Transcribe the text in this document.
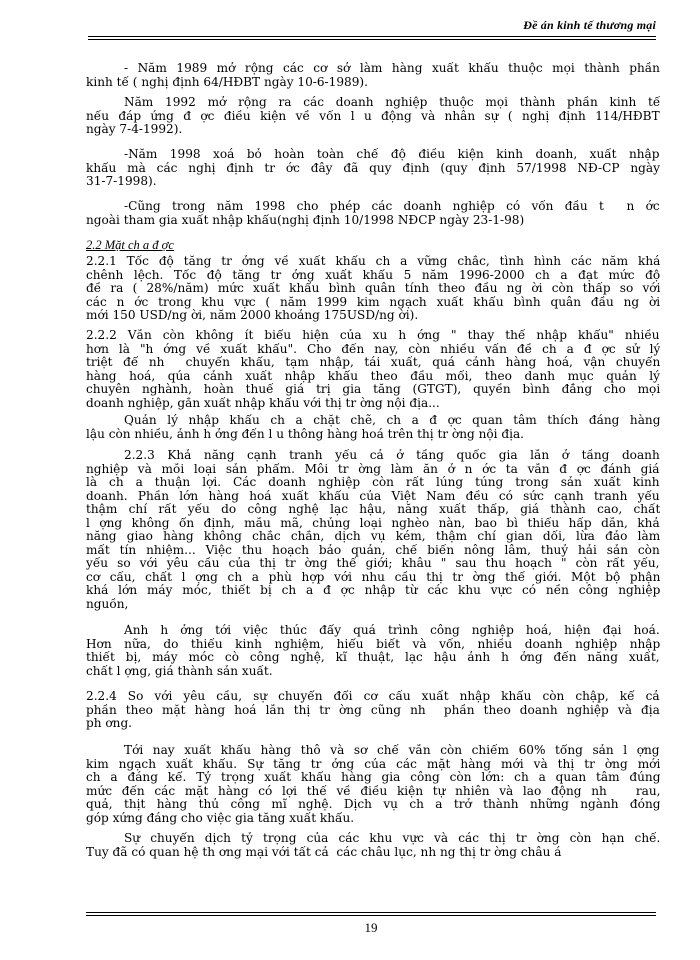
Đề án kinh tế thương mại
2.2 Mặt ch a đ ợc
- Năm 1989 mở rộng các cơ sở làm hàng xuất khẩu thuộc mọi thành phần
kinh tế ( nghị định 64/HĐBT ngày 10-6-1989).
Năm 1992 mở rộng ra các doanh nghiệp thuộc mọi thành phần kinh tế
nếu đáp ứng đ ợc điều kiện về vốn l u động và nhân sự ( nghị định 114/HĐBT
ngày 7-4-1992).
-Năm 1998 xoá bỏ hoàn toàn chế độ điều kiện kinh doanh, xuất nhập
khẩu mà các nghị định tr ớc đây đã quy định (quy định 57/1998 NĐ-CP ngày
31-7-1998).
-Cũng trong năm 1998 cho phép các doanh nghiệp có vốn đầu t  n ớc
ngoài tham gia xuất nhập khẩu(nghị định 10/1998 NĐCP ngày 23-1-98)
2.2.1 Tốc độ tăng tr ởng về xuất khẩu ch a vững chắc, tình hình các năm khá
chênh lệch. Tốc độ tăng tr ởng xuất khẩu 5 năm 1996-2000 ch a đạt mức độ
đề ra ( 28%/năm) mức xuất khẩu bình quân tính theo đầu ng ời còn thấp so với
các n ớc trong khu vực ( năm 1999 kim ngạch xuất khẩu bình quân đầu ng ời
mới 150 USD/ng ời, năm 2000 khoảng 175USD/ng ời).
2.2.2 Vẫn còn không ít biểu hiện của xu h ớng " thay thế nhập khẩu" nhiều
hơn là "h ớng về xuất khẩu". Cho đến nay, còn nhiều vấn đề ch a đ ợc sử lý
triệt để nh  chuyển khẩu, tạm nhập, tái xuất, quá cảnh hàng hoá, vận chuyển
hàng hoá, qúa cảnh xuất nhập khẩu theo đầu mối, theo danh mục quản lý
chuyên nghành, hoàn thuế giá trị gia tăng (GTGT), quyền bình đẳng cho mọi
doanh nghiệp, gắn xuất nhập khẩu với thị tr ờng nội địa...
Quản lý nhập khẩu ch a chặt chẽ, ch a đ ợc quan tâm thích đáng hàng
lậu còn nhiều, ảnh h ởng đến l u thông hàng hoá trên thị tr ờng nội địa.
2.2.3 Khả năng cạnh tranh yếu cả ở tầng quốc gia lẫn ở tầng doanh
nghiệp và mỗi loại sản phẩm. Môi tr ờng làm ăn ở n ớc ta vẫn đ ợc đánh giá
là ch a thuận lợi. Các doanh nghiệp còn rất lúng túng trong sản xuất kinh
doanh. Phần lớn hàng hoá xuất khẩu của Việt Nam đều có sức cạnh tranh yếu
thậm chí rất yếu do công nghệ lạc hậu, năng xuất thấp, giá thành cao, chất
l ợng không ổn định, mẫu mã, chủng loại nghèo nàn, bao bì thiếu hấp dẫn, khả
năng giao hàng không chắc chắn, dịch vụ kém, thậm chí gian dối, lừa đảo làm
mất tín nhiệm... Việc thu hoạch bảo quản, chế biến nông lâm, thuỷ hải sản còn
yếu so với yêu cầu của thị tr ờng thế giới; khâu " sau thu hoạch " còn rất yếu,
cơ cấu, chất l ợng ch a phù hợp với nhu cầu thị tr ờng thế giới. Một bộ phận
khá lớn máy móc, thiết bị ch a đ ợc nhập từ các khu vực có nền công nghiệp
nguồn,
Ảnh h ởng tới việc thúc đẩy quá trình công nghiệp hoá, hiện đại hoá.
Hơn nữa, do thiếu kinh nghiệm, hiểu biết và vốn, nhiều doanh nghiệp nhập
thiết bị, máy móc cò công nghệ, kĩ thuật, lạc hậu ảnh h ởng đến năng xuất,
chất l ợng, giá thành sản xuất.
2.2.4 So với yêu cầu, sự chuyển đổi cơ cấu xuất nhập khẩu còn chập, kể cả
phần theo mặt hàng hoá lẫn thị tr ờng cũng nh  phần theo doanh nghiệp và địa
ph ơng.
Tới nay xuất khẩu hàng thô và sơ chế vẫn còn chiếm 60% tổng sản l ợng
kim ngạch xuất khẩu. Sự tăng tr ởng của các mặt hàng mới và thị tr ờng mới
ch a đáng kể. Tỷ trọng xuất khẩu hàng gia công còn lớn: ch a quan tâm đúng
mức đến các mặt hàng có lợi thế về điều kiện tự nhiên và lao động nh   rau,
quả, thịt hàng thủ công mĩ nghệ. Dịch vụ ch a trở thành những ngành đóng
góp xứng đáng cho việc gia tăng xuất khẩu.
Sự chuyển dịch tỷ trọng của các khu vực và các thị tr ờng còn hạn chế.
Tuy đã có quan hệ th ơng mại với tất cả  các châu lục, nh ng thị tr ờng châu á
19
